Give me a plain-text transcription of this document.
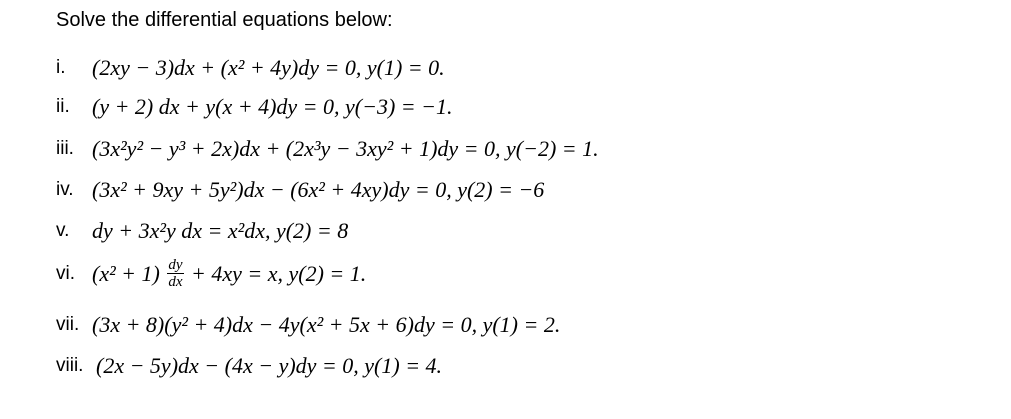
Solve the differential equations below:
i. (2xy − 3)dx + (x² + 4y)dy = 0, y(1) = 0.
ii. (y + 2) dx + y(x + 4)dy = 0, y(−3) = −1.
iii. (3x²y² − y³ + 2x)dx + (2x³y − 3xy² + 1)dy = 0, y(−2) = 1.
iv. (3x² + 9xy + 5y²)dx − (6x² + 4xy)dy = 0, y(2) = −6
v. dy + 3x²y dx = x²dx, y(2) = 8
vi. $(x^2 + 1) \frac{dy}{dx} + 4xy = x$, y(2) = 1.
vii. (3x + 8)(y² + 4)dx − 4y(x² + 5x + 6)dy = 0, y(1) = 2.
viii. (2x − 5y)dx − (4x − y)dy = 0, y(1) = 4.
